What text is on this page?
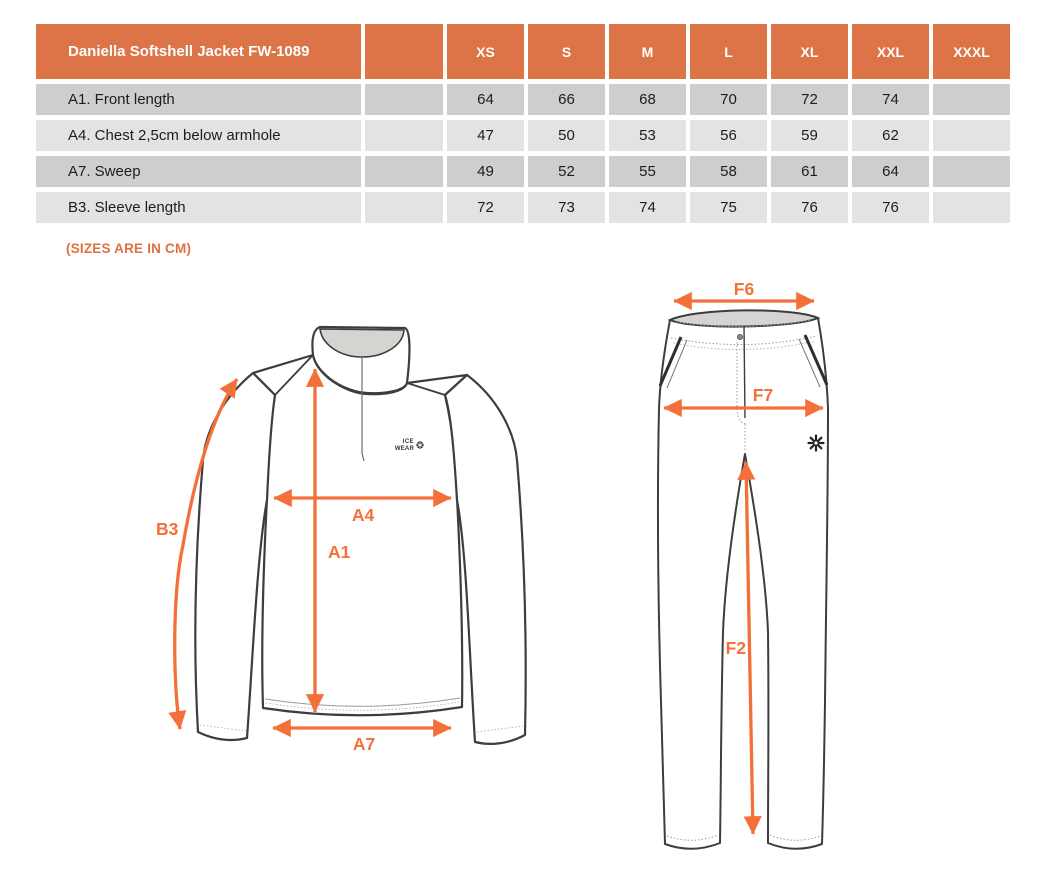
Daniella Softshell Jacket FW-1089	XS	S	M	L	XL	XXL	XXXL
A1. Front length	64	66	68	70	72	74
A4. Chest 2,5cm below armhole	47	50	53	56	59	62
A7. Sweep	49	52	55	58	61	64
B3. Sleeve length	72	73	74	75	76	76
(SIZES ARE IN CM)
ICE
WEAR
B3
A1
A4
A7
F6
F7
F2
